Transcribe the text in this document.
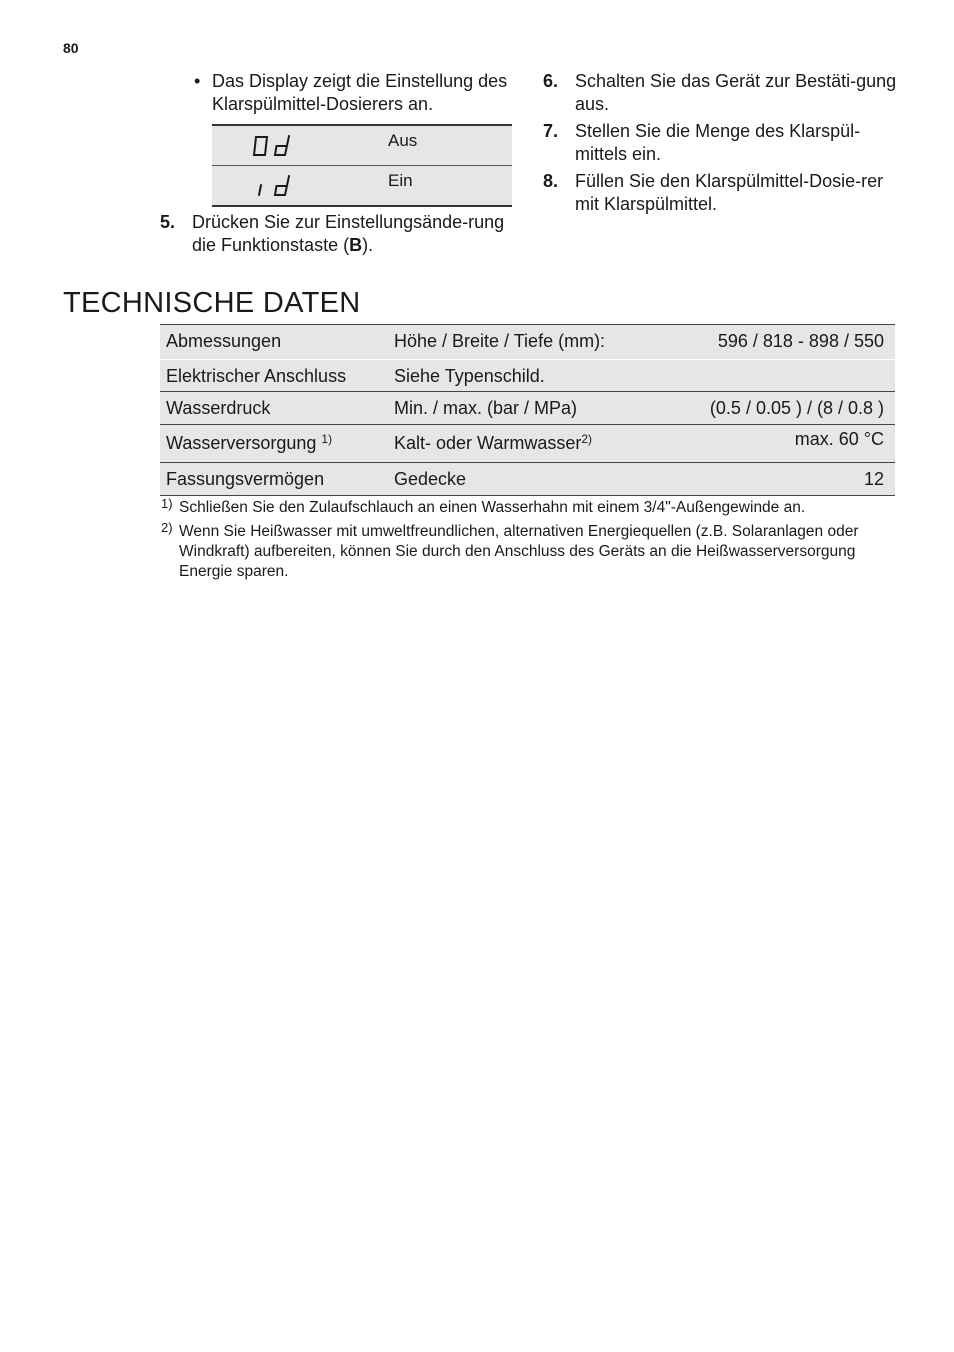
80
• Das Display zeigt die Einstellung des Klarspülmittel-Dosierers an.
Aus
Ein
5. Drücken Sie zur Einstellungsände-rung die Funktionstaste (B).
6. Schalten Sie das Gerät zur Bestäti-gung aus.
7. Stellen Sie die Menge des Klarspül-mittels ein.
8. Füllen Sie den Klarspülmittel-Dosie-rer mit Klarspülmittel.
TECHNISCHE DATEN
Abmessungen	Höhe / Breite / Tiefe (mm):	596 / 818 - 898 / 550
Elektrischer Anschluss	Siehe Typenschild.
Wasserdruck	Min. / max. (bar / MPa)	(0.5 / 0.05 ) / (8 / 0.8 )
Wasserversorgung $^{1)}$	Kalt- oder Warmwasser$^{2)}$	max. 60 °C
Fassungsvermögen	Gedecke	12
1) Schließen Sie den Zulaufschlauch an einen Wasserhahn mit einem 3/4"-Außengewinde an.
2) Wenn Sie Heißwasser mit umweltfreundlichen, alternativen Energiequellen (z.B. Solaranlagen oder Windkraft) aufbereiten, können Sie durch den Anschluss des Geräts an die Heißwasserversorgung Energie sparen.
